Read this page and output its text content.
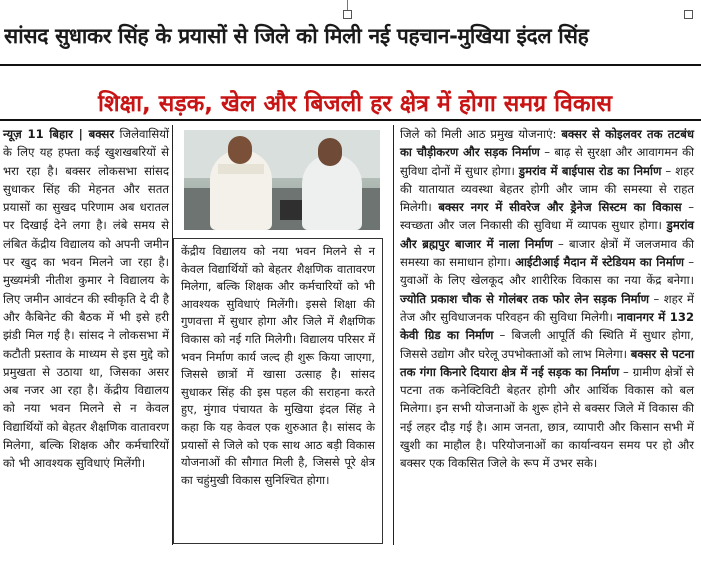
सांसद सुधाकर सिंह के प्रयासों से जिले को मिली नई पहचान-मुखिया इंदल सिंह
शिक्षा, सड़क, खेल और बिजली हर क्षेत्र में होगा समग्र विकास
न्यूज़ 11 बिहार | बक्सर जिलेवासियों के लिए यह हफ्ता कई खुशखबरियों से भरा रहा है। बक्सर लोकसभा सांसद सुधाकर सिंह की मेहनत और सतत प्रयासों का सुखद परिणाम अब धरातल पर दिखाई देने लगा है। लंबे समय से लंबित केंद्रीय विद्यालय को अपनी जमीन पर खुद का भवन मिलने जा रहा है। मुख्यमंत्री नीतीश कुमार ने विद्यालय के लिए जमीन आवंटन की स्वीकृति दे दी है और कैबिनेट की बैठक में भी इसे हरी झंडी मिल गई है। सांसद ने लोकसभा में कटौती प्रस्ताव के माध्यम से इस मुद्दे को प्रमुखता से उठाया था, जिसका असर अब नजर आ रहा है। केंद्रीय विद्यालय को नया भवन मिलने से न केवल विद्यार्थियों को बेहतर शैक्षणिक वातावरण मिलेगा, बल्कि शिक्षक और कर्मचारियों को भी आवश्यक सुविधाएं मिलेंगी।
केंद्रीय विद्यालय को नया भवन मिलने से न केवल विद्यार्थियों को बेहतर शैक्षणिक वातावरण मिलेगा, बल्कि शिक्षक और कर्मचारियों को भी आवश्यक सुविधाएं मिलेंगी। इससे शिक्षा की गुणवत्ता में सुधार होगा और जिले में शैक्षणिक विकास को नई गति मिलेगी। विद्यालय परिसर में भवन निर्माण कार्य जल्द ही शुरू किया जाएगा, जिससे छात्रों में खासा उत्साह है। सांसद सुधाकर सिंह की इस पहल की सराहना करते हुए, मुंगाव पंचायत के मुखिया इंदल सिंह ने कहा कि यह केवल एक शुरुआत है। सांसद के प्रयासों से जिले को एक साथ आठ बड़ी विकास योजनाओं की सौगात मिली है, जिससे पूरे क्षेत्र का चहुंमुखी विकास सुनिश्चित होगा।
जिले को मिली आठ प्रमुख योजनाएं: बक्सर से कोइलवर तक तटबंध का चौड़ीकरण और सड़क निर्माण – बाढ़ से सुरक्षा और आवागमन की सुविधा दोनों में सुधार होगा। डुमरांव में बाईपास रोड का निर्माण – शहर की यातायात व्यवस्था बेहतर होगी और जाम की समस्या से राहत मिलेगी। बक्सर नगर में सीवरेज और ड्रेनेज सिस्टम का विकास – स्वच्छता और जल निकासी की सुविधा में व्यापक सुधार होगा। डुमरांव और ब्रह्मपुर बाजार में नाला निर्माण – बाजार क्षेत्रों में जलजमाव की समस्या का समाधान होगा। आईटीआई मैदान में स्टेडियम का निर्माण – युवाओं के लिए खेलकूद और शारीरिक विकास का नया केंद्र बनेगा। ज्योति प्रकाश चौक से गोलंबर तक फोर लेन सड़क निर्माण – शहर में तेज और सुविधाजनक परिवहन की सुविधा मिलेगी। नावानगर में 132 केवी ग्रिड का निर्माण – बिजली आपूर्ति की स्थिति में सुधार होगा, जिससे उद्योग और घरेलू उपभोक्ताओं को लाभ मिलेगा। बक्सर से पटना तक गंगा किनारे दियारा क्षेत्र में नई सड़क का निर्माण – ग्रामीण क्षेत्रों से पटना तक कनेक्टिविटी बेहतर होगी और आर्थिक विकास को बल मिलेगा। इन सभी योजनाओं के शुरू होने से बक्सर जिले में विकास की नई लहर दौड़ गई है। आम जनता, छात्र, व्यापारी और किसान सभी में खुशी का माहौल है। परियोजनाओं का कार्यान्वयन समय पर हो और बक्सर एक विकसित जिले के रूप में उभर सके।
